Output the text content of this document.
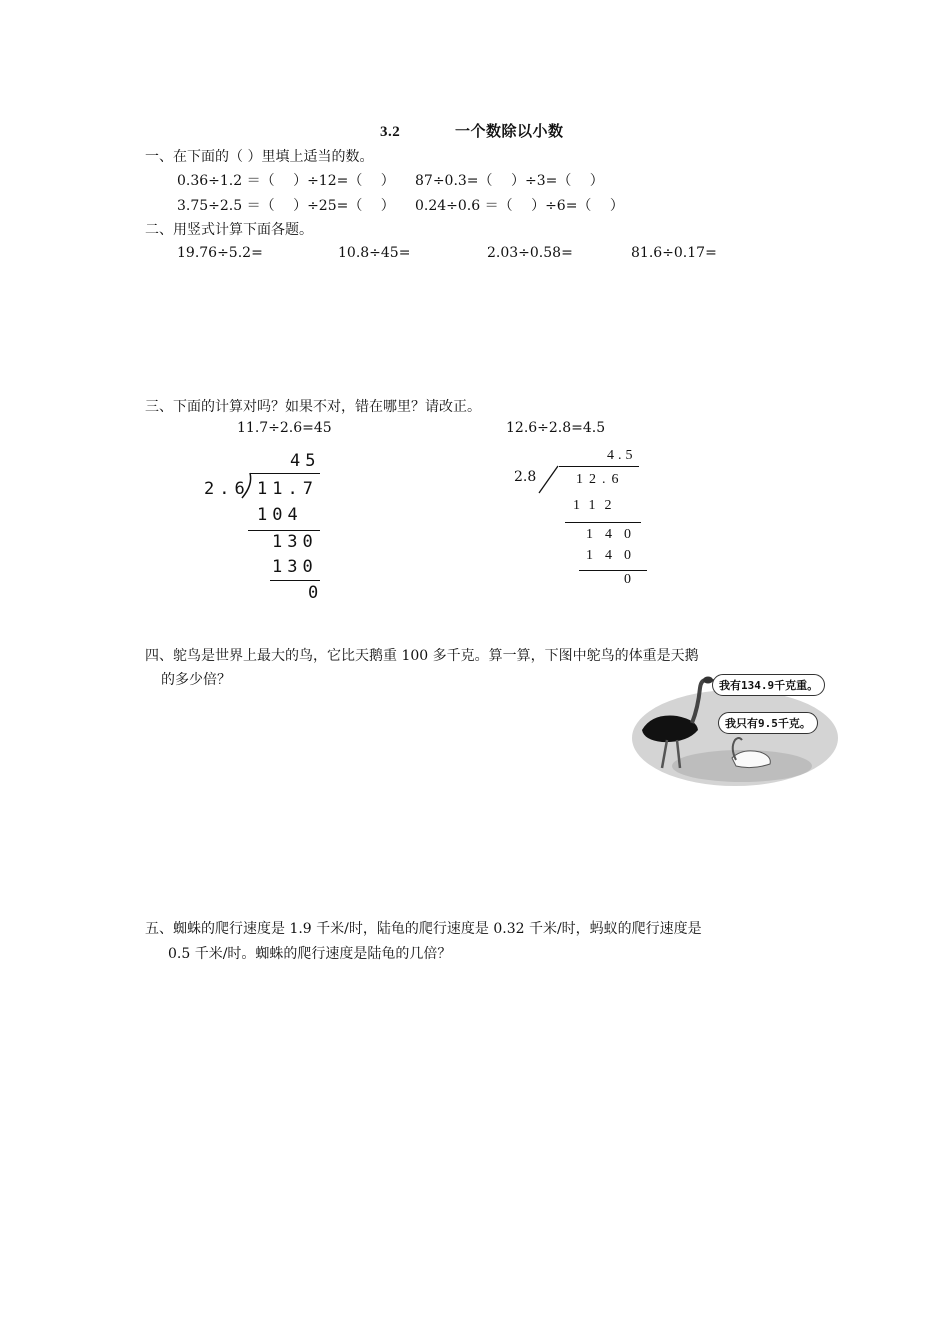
3.2	一个数除以小数
一、在下面的（ ）里填上适当的数。
0.36÷1.2 ＝（　 ）÷12=（　 ） 87÷0.3=（　 ）÷3=（　 ）
3.75÷2.5 ＝（　 ）÷25=（　 ） 0.24÷0.6 ＝（　 ）÷6=（　 ）
二、用竖式计算下面各题。
19.76÷5.2=	10.8÷45=	2.03÷0.58=	81.6÷0.17=
三、下面的计算对吗？如果不对，错在哪里？请改正。
11.7÷2.6=45	12.6÷2.8=4.5
45
2.6 11.7
104
130
130
0
4.5
2.8	12.6
112
140
140
0
四、鸵鸟是世界上最大的鸟，它比天鹅重 100 多千克。算一算，下图中鸵鸟的体重是天鹅
的多少倍？	我有134.9千克重。
我只有9.5千克。
五、蜘蛛的爬行速度是 1.9 千米/时，陆龟的爬行速度是 0.32 千米/时，蚂蚁的爬行速度是
0.5 千米/时。蜘蛛的爬行速度是陆龟的几倍？
